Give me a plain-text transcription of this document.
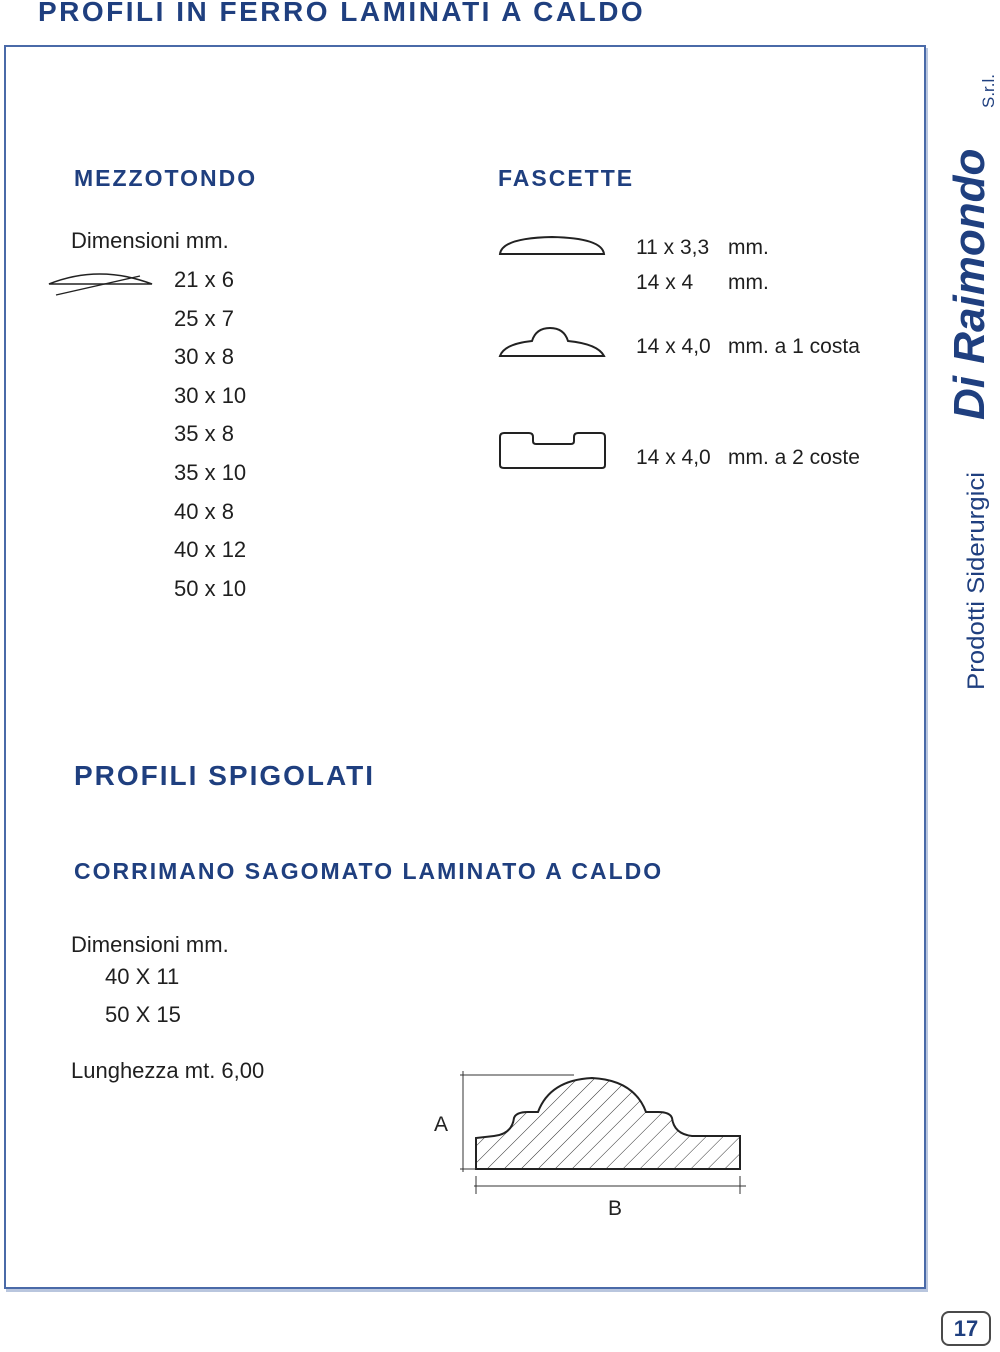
PROFILI IN FERRO LAMINATI A CALDO
MEZZOTONDO

Dimensioni mm.

21 x 6
25 x 7
30 x 8
30 x 10
35 x 8
35 x 10
40 x 8
40 x 12
50 x 10
FASCETTE
11 x 3,3 mm.
14 x 4 mm.
14 x 4,0 mm. a 1 costa
14 x 4,0 mm. a 2 coste
PROFILI SPIGOLATI
CORRIMANO SAGOMATO LAMINATO A CALDO

Dimensioni mm.

40 X 11

50 X 15

Lunghezza mt. 6,00

A
B
Di Raimondo
S.r.l.
Prodotti Siderurgici
17
